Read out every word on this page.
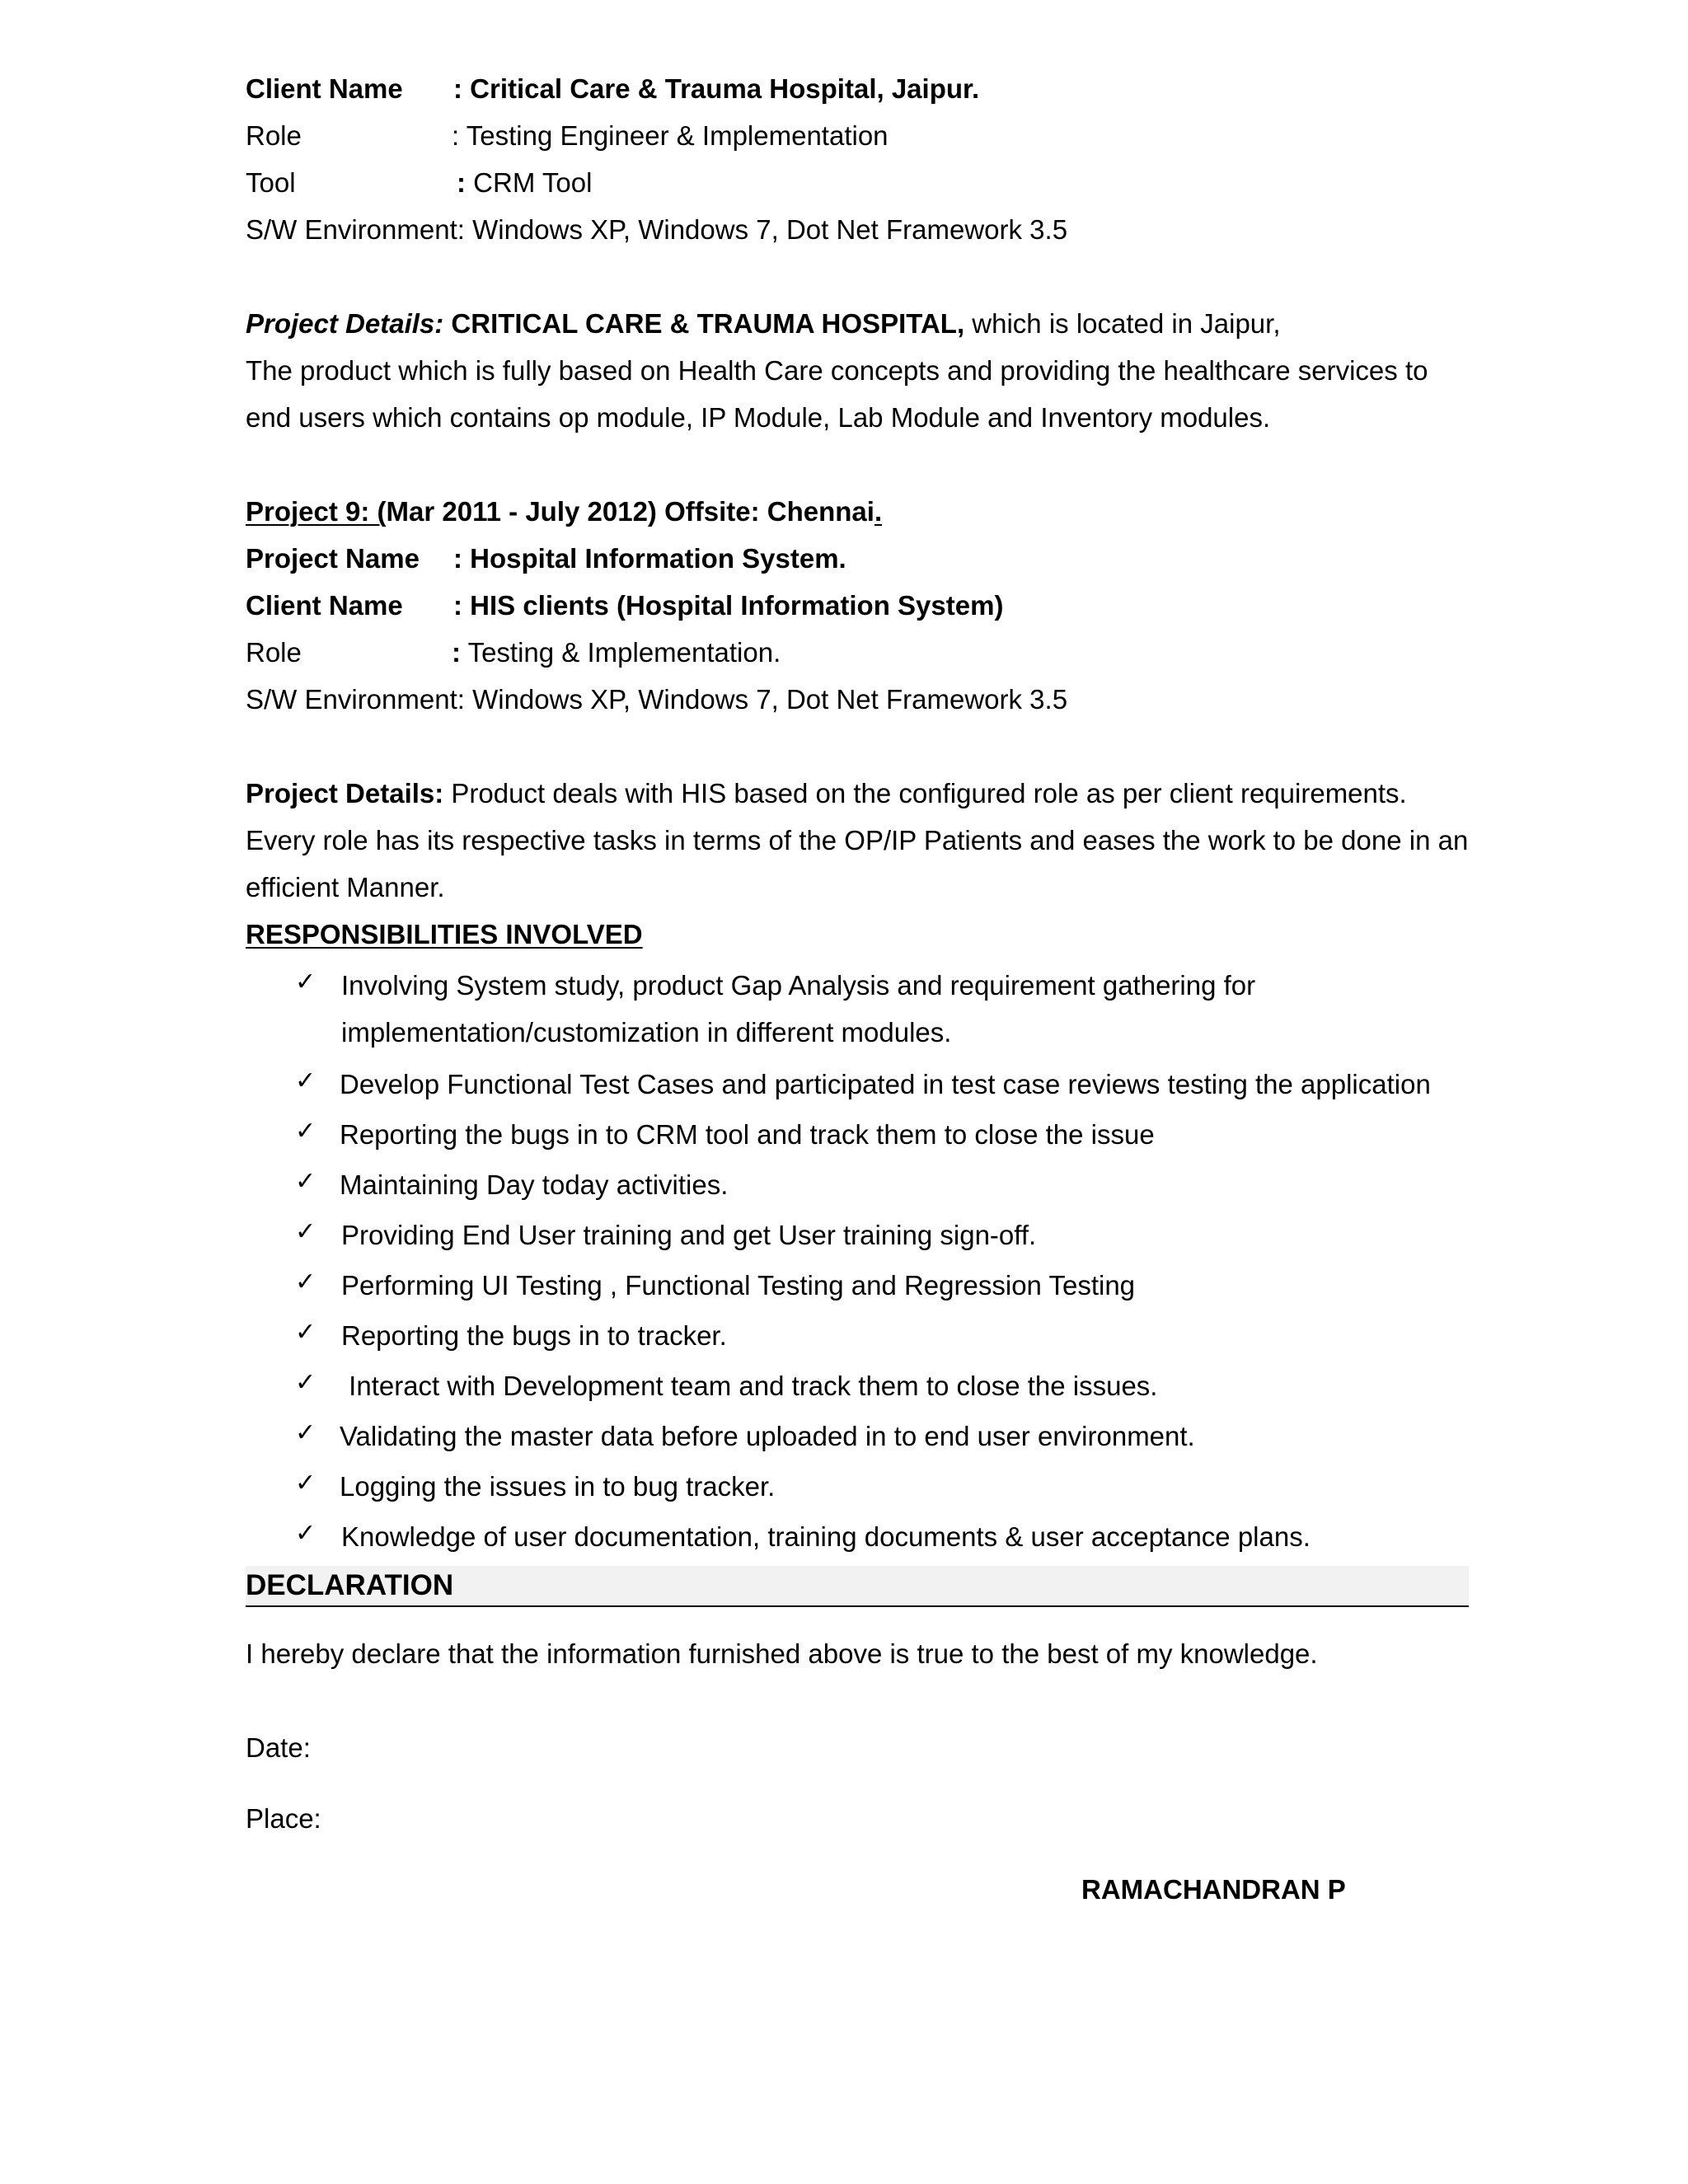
Client Name : Critical Care & Trauma Hospital, Jaipur.
Role	: Testing Engineer & Implementation
Tool	: CRM Tool
S/W Environment: Windows XP, Windows 7, Dot Net Framework 3.5
Project Details: CRITICAL CARE & TRAUMA HOSPITAL, which is located in Jaipur,
The product which is fully based on Health Care concepts and providing the healthcare services to
end users which contains op module, IP Module, Lab Module and Inventory modules.
Project 9: (Mar 2011 - July 2012) Offsite: Chennai.
Project Name : Hospital Information System.
Client Name : HIS clients (Hospital Information System)
Role	: Testing & Implementation.
S/W Environment: Windows XP, Windows 7, Dot Net Framework 3.5
Project Details: Product deals with HIS based on the configured role as per client requirements.
Every role has its respective tasks in terms of the OP/IP Patients and eases the work to be done in an
efficient Manner.
RESPONSIBILITIES INVOLVED
✓ Involving System study, product Gap Analysis and requirement gathering for
implementation/customization in different modules.
✓ Develop Functional Test Cases and participated in test case reviews testing the application
✓ Reporting the bugs in to CRM tool and track them to close the issue
✓ Maintaining Day today activities.
✓ Providing End User training and get User training sign-off.
✓ Performing UI Testing , Functional Testing and Regression Testing
✓ Reporting the bugs in to tracker.
✓ Interact with Development team and track them to close the issues.
✓ Validating the master data before uploaded in to end user environment.
✓ Logging the issues in to bug tracker.
✓ Knowledge of user documentation, training documents & user acceptance plans.
DECLARATION
I hereby declare that the information furnished above is true to the best of my knowledge.
Date:
Place:
RAMACHANDRAN P
